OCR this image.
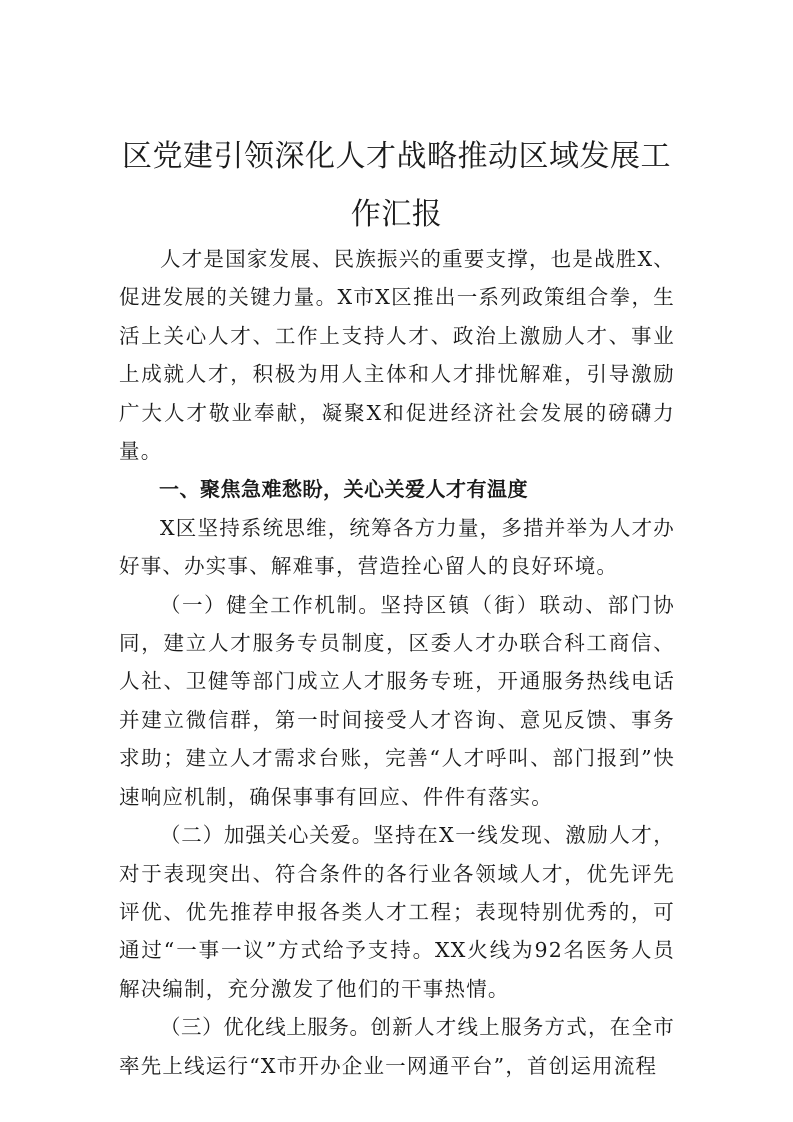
区党建引领深化人才战略推动区域发展工
作汇报

人才是国家发展、民族振兴的重要支撑，也是战胜X、促进发展的关键力量。X市X区推出一系列政策组合拳，生活上关心人才、工作上支持人才、政治上激励人才、事业上成就人才，积极为用人主体和人才排忧解难，引导激励广大人才敬业奉献，凝聚X和促进经济社会发展的磅礴力量。

一、聚焦急难愁盼，关心关爱人才有温度

X区坚持系统思维，统筹各方力量，多措并举为人才办好事、办实事、解难事，营造拴心留人的良好环境。

（一）健全工作机制。坚持区镇（街）联动、部门协同，建立人才服务专员制度，区委人才办联合科工商信、人社、卫健等部门成立人才服务专班，开通服务热线电话并建立微信群，第一时间接受人才咨询、意见反馈、事务求助；建立人才需求台账，完善“人才呼叫、部门报到”快速响应机制，确保事事有回应、件件有落实。

（二）加强关心关爱。坚持在X一线发现、激励人才，对于表现突出、符合条件的各行业各领域人才，优先评先评优、优先推荐申报各类人才工程；表现特别优秀的，可通过“一事一议”方式给予支持。XX火线为92名医务人员解决编制，充分激发了他们的干事热情。

（三）优化线上服务。创新人才线上服务方式，在全市率先上线运行“X市开办企业一网通平台”，首创运用流程
